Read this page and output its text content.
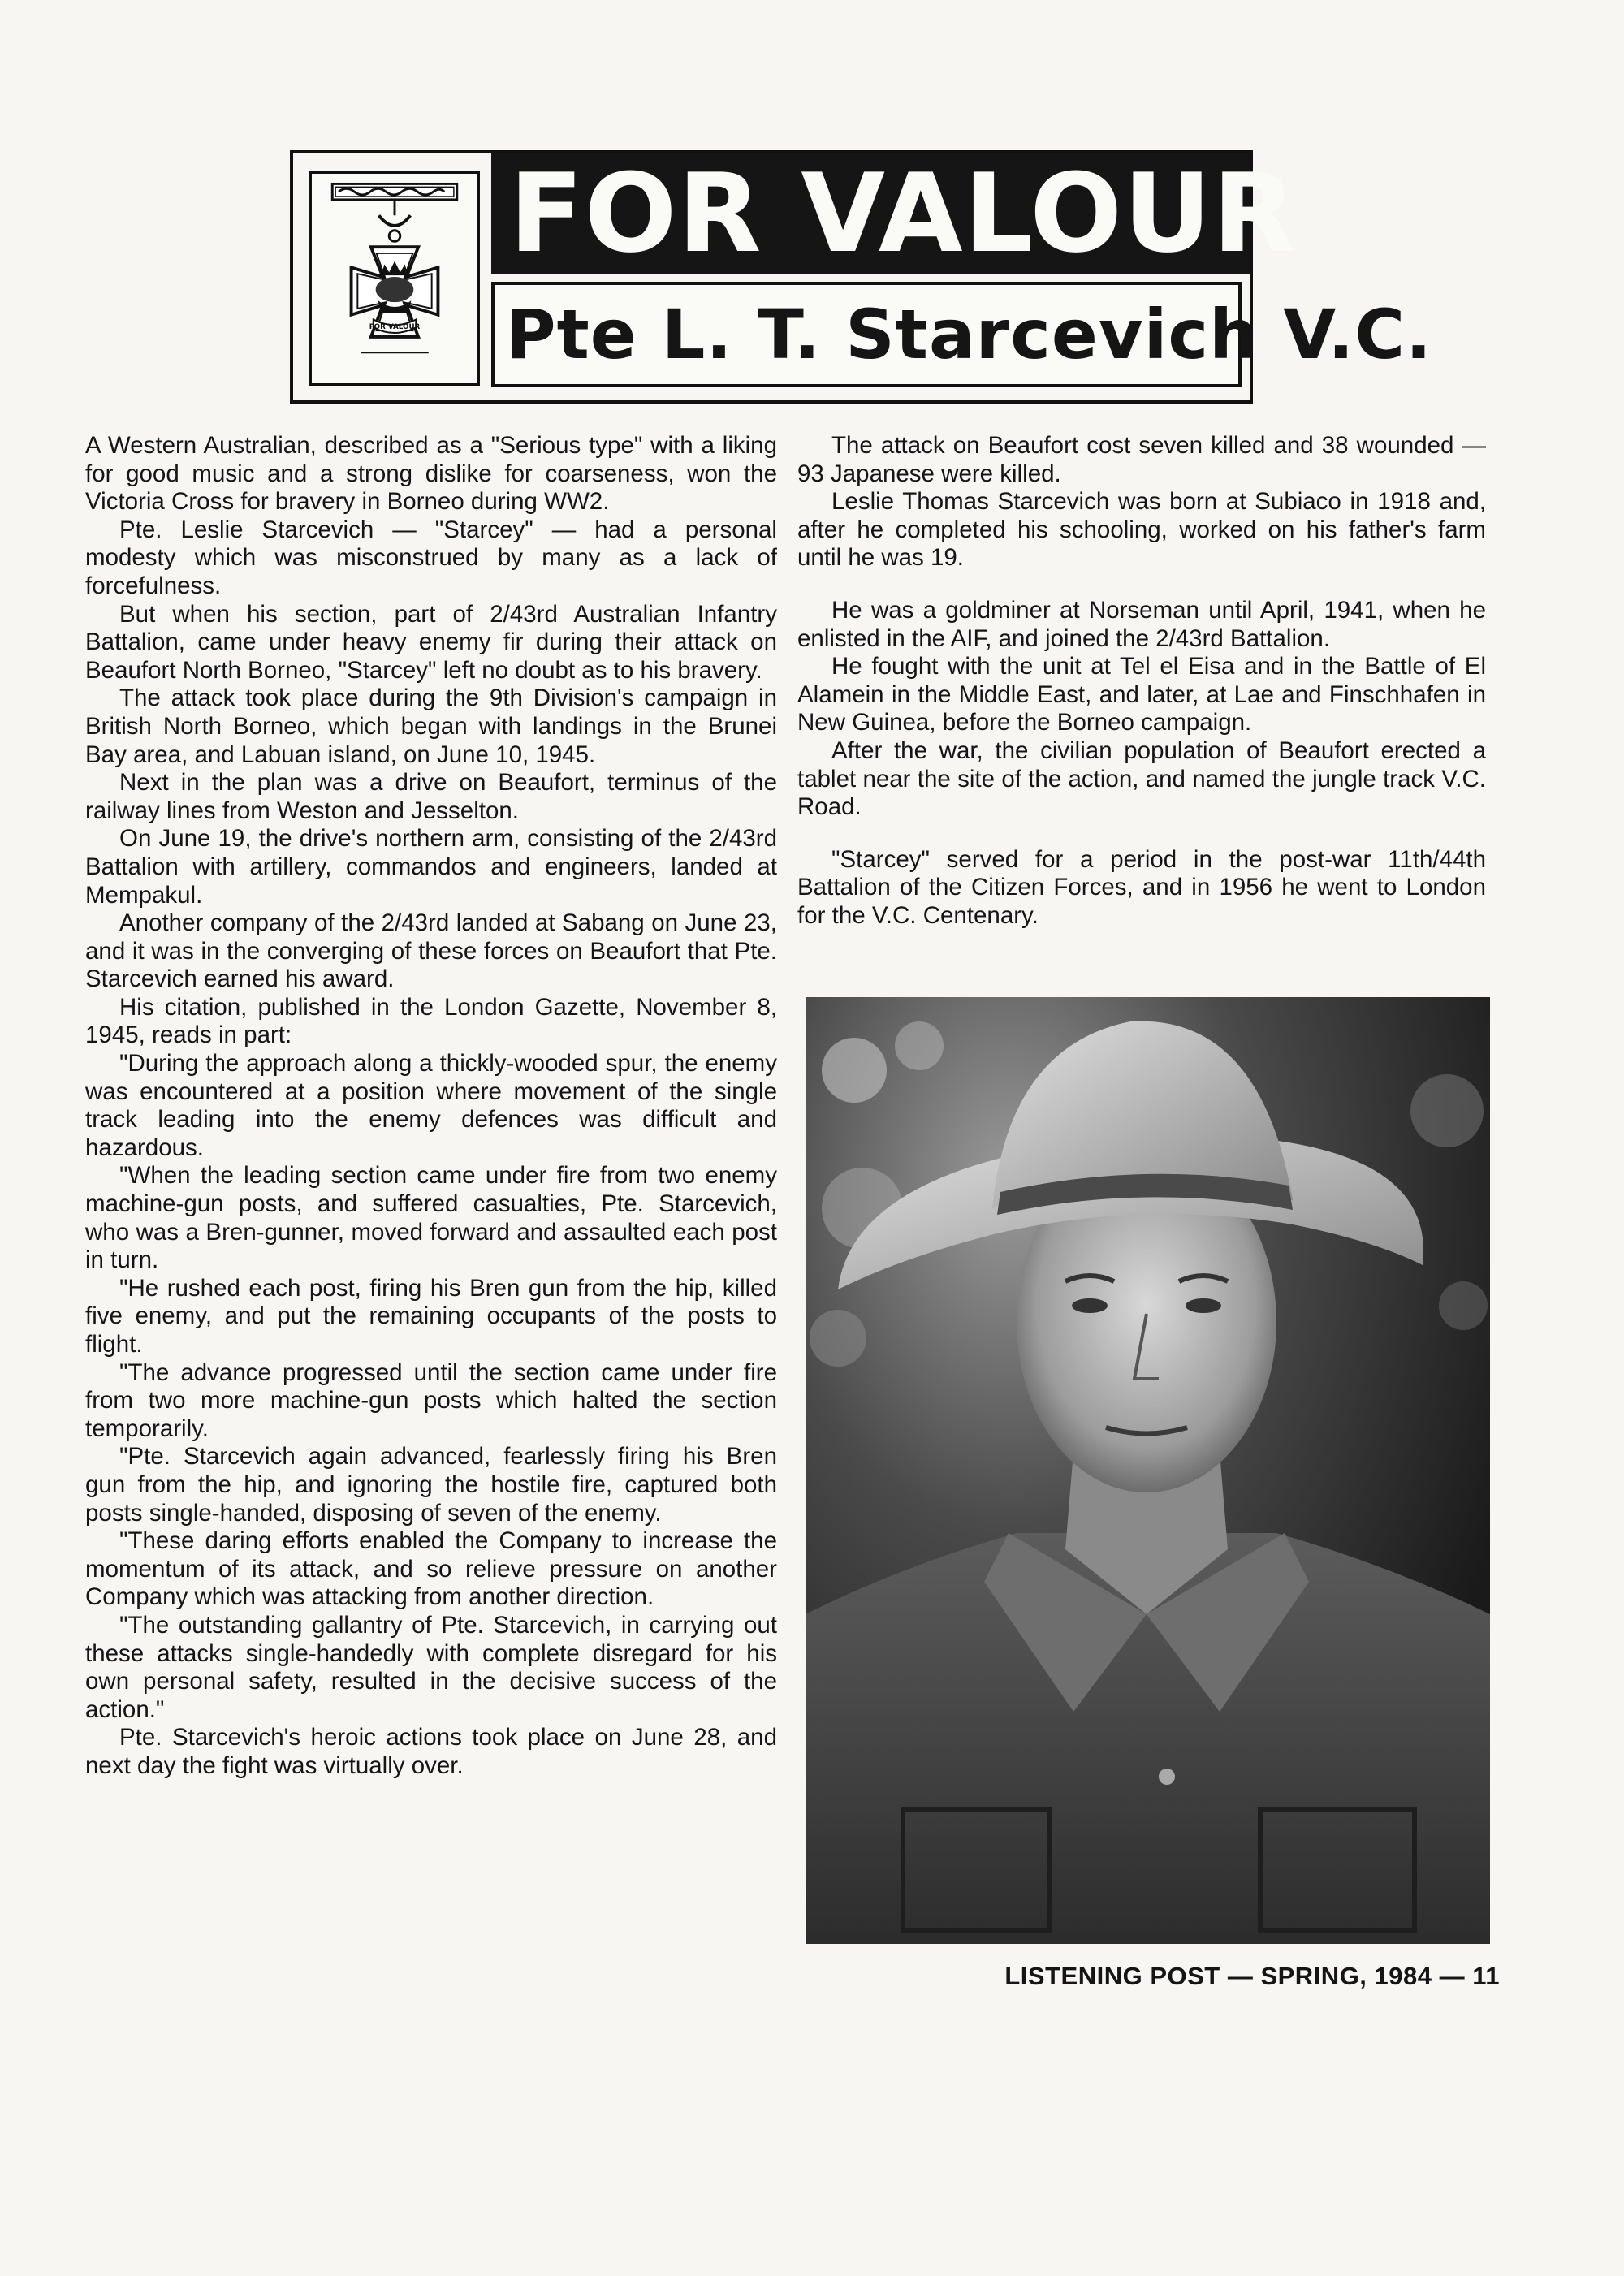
FOR VALOUR
FOR VALOUR
Pte L. T. Starcevich V.C.

A Western Australian, described as a "Serious type" with a liking for good music and a strong dislike for coarseness, won the Victoria Cross for bravery in Borneo during WW2.

Pte. Leslie Starcevich — "Starcey" — had a personal modesty which was misconstrued by many as a lack of forcefulness.

But when his section, part of 2/43rd Australian Infantry Battalion, came under heavy enemy fir during their attack on Beaufort North Borneo, "Starcey" left no doubt as to his bravery.

The attack took place during the 9th Division's campaign in British North Borneo, which began with landings in the Brunei Bay area, and Labuan island, on June 10, 1945.

Next in the plan was a drive on Beaufort, terminus of the railway lines from Weston and Jesselton.

On June 19, the drive's northern arm, consisting of the 2/43rd Battalion with artillery, commandos and engineers, landed at Mempakul.

Another company of the 2/43rd landed at Sabang on June 23, and it was in the converging of these forces on Beaufort that Pte. Starcevich earned his award.

His citation, published in the London Gazette, November 8, 1945, reads in part:

"During the approach along a thickly-wooded spur, the enemy was encountered at a position where movement of the single track leading into the enemy defences was difficult and hazardous.

"When the leading section came under fire from two enemy machine-gun posts, and suffered casualties, Pte. Starcevich, who was a Bren-gunner, moved forward and assaulted each post in turn.

"He rushed each post, firing his Bren gun from the hip, killed five enemy, and put the remaining occupants of the posts to flight.

"The advance progressed until the section came under fire from two more machine-gun posts which halted the section temporarily.

"Pte. Starcevich again advanced, fearlessly firing his Bren gun from the hip, and ignoring the hostile fire, captured both posts single-handed, disposing of seven of the enemy.

"These daring efforts enabled the Company to increase the momentum of its attack, and so relieve pressure on another Company which was attacking from another direction.

"The outstanding gallantry of Pte. Starcevich, in carrying out these attacks single-handedly with complete disregard for his own personal safety, resulted in the decisive success of the action."

Pte. Starcevich's heroic actions took place on June 28, and next day the fight was virtually over.

The attack on Beaufort cost seven killed and 38 wounded — 93 Japanese were killed.

Leslie Thomas Starcevich was born at Subiaco in 1918 and, after he completed his schooling, worked on his father's farm until he was 19.

He was a goldminer at Norseman until April, 1941, when he enlisted in the AIF, and joined the 2/43rd Battalion.

He fought with the unit at Tel el Eisa and in the Battle of El Alamein in the Middle East, and later, at Lae and Finschhafen in New Guinea, before the Borneo campaign.

After the war, the civilian population of Beaufort erected a tablet near the site of the action, and named the jungle track V.C. Road.

"Starcey" served for a period in the post-war 11th/44th Battalion of the Citizen Forces, and in 1956 he went to London for the V.C. Centenary.

LISTENING POST — SPRING, 1984 — 11
